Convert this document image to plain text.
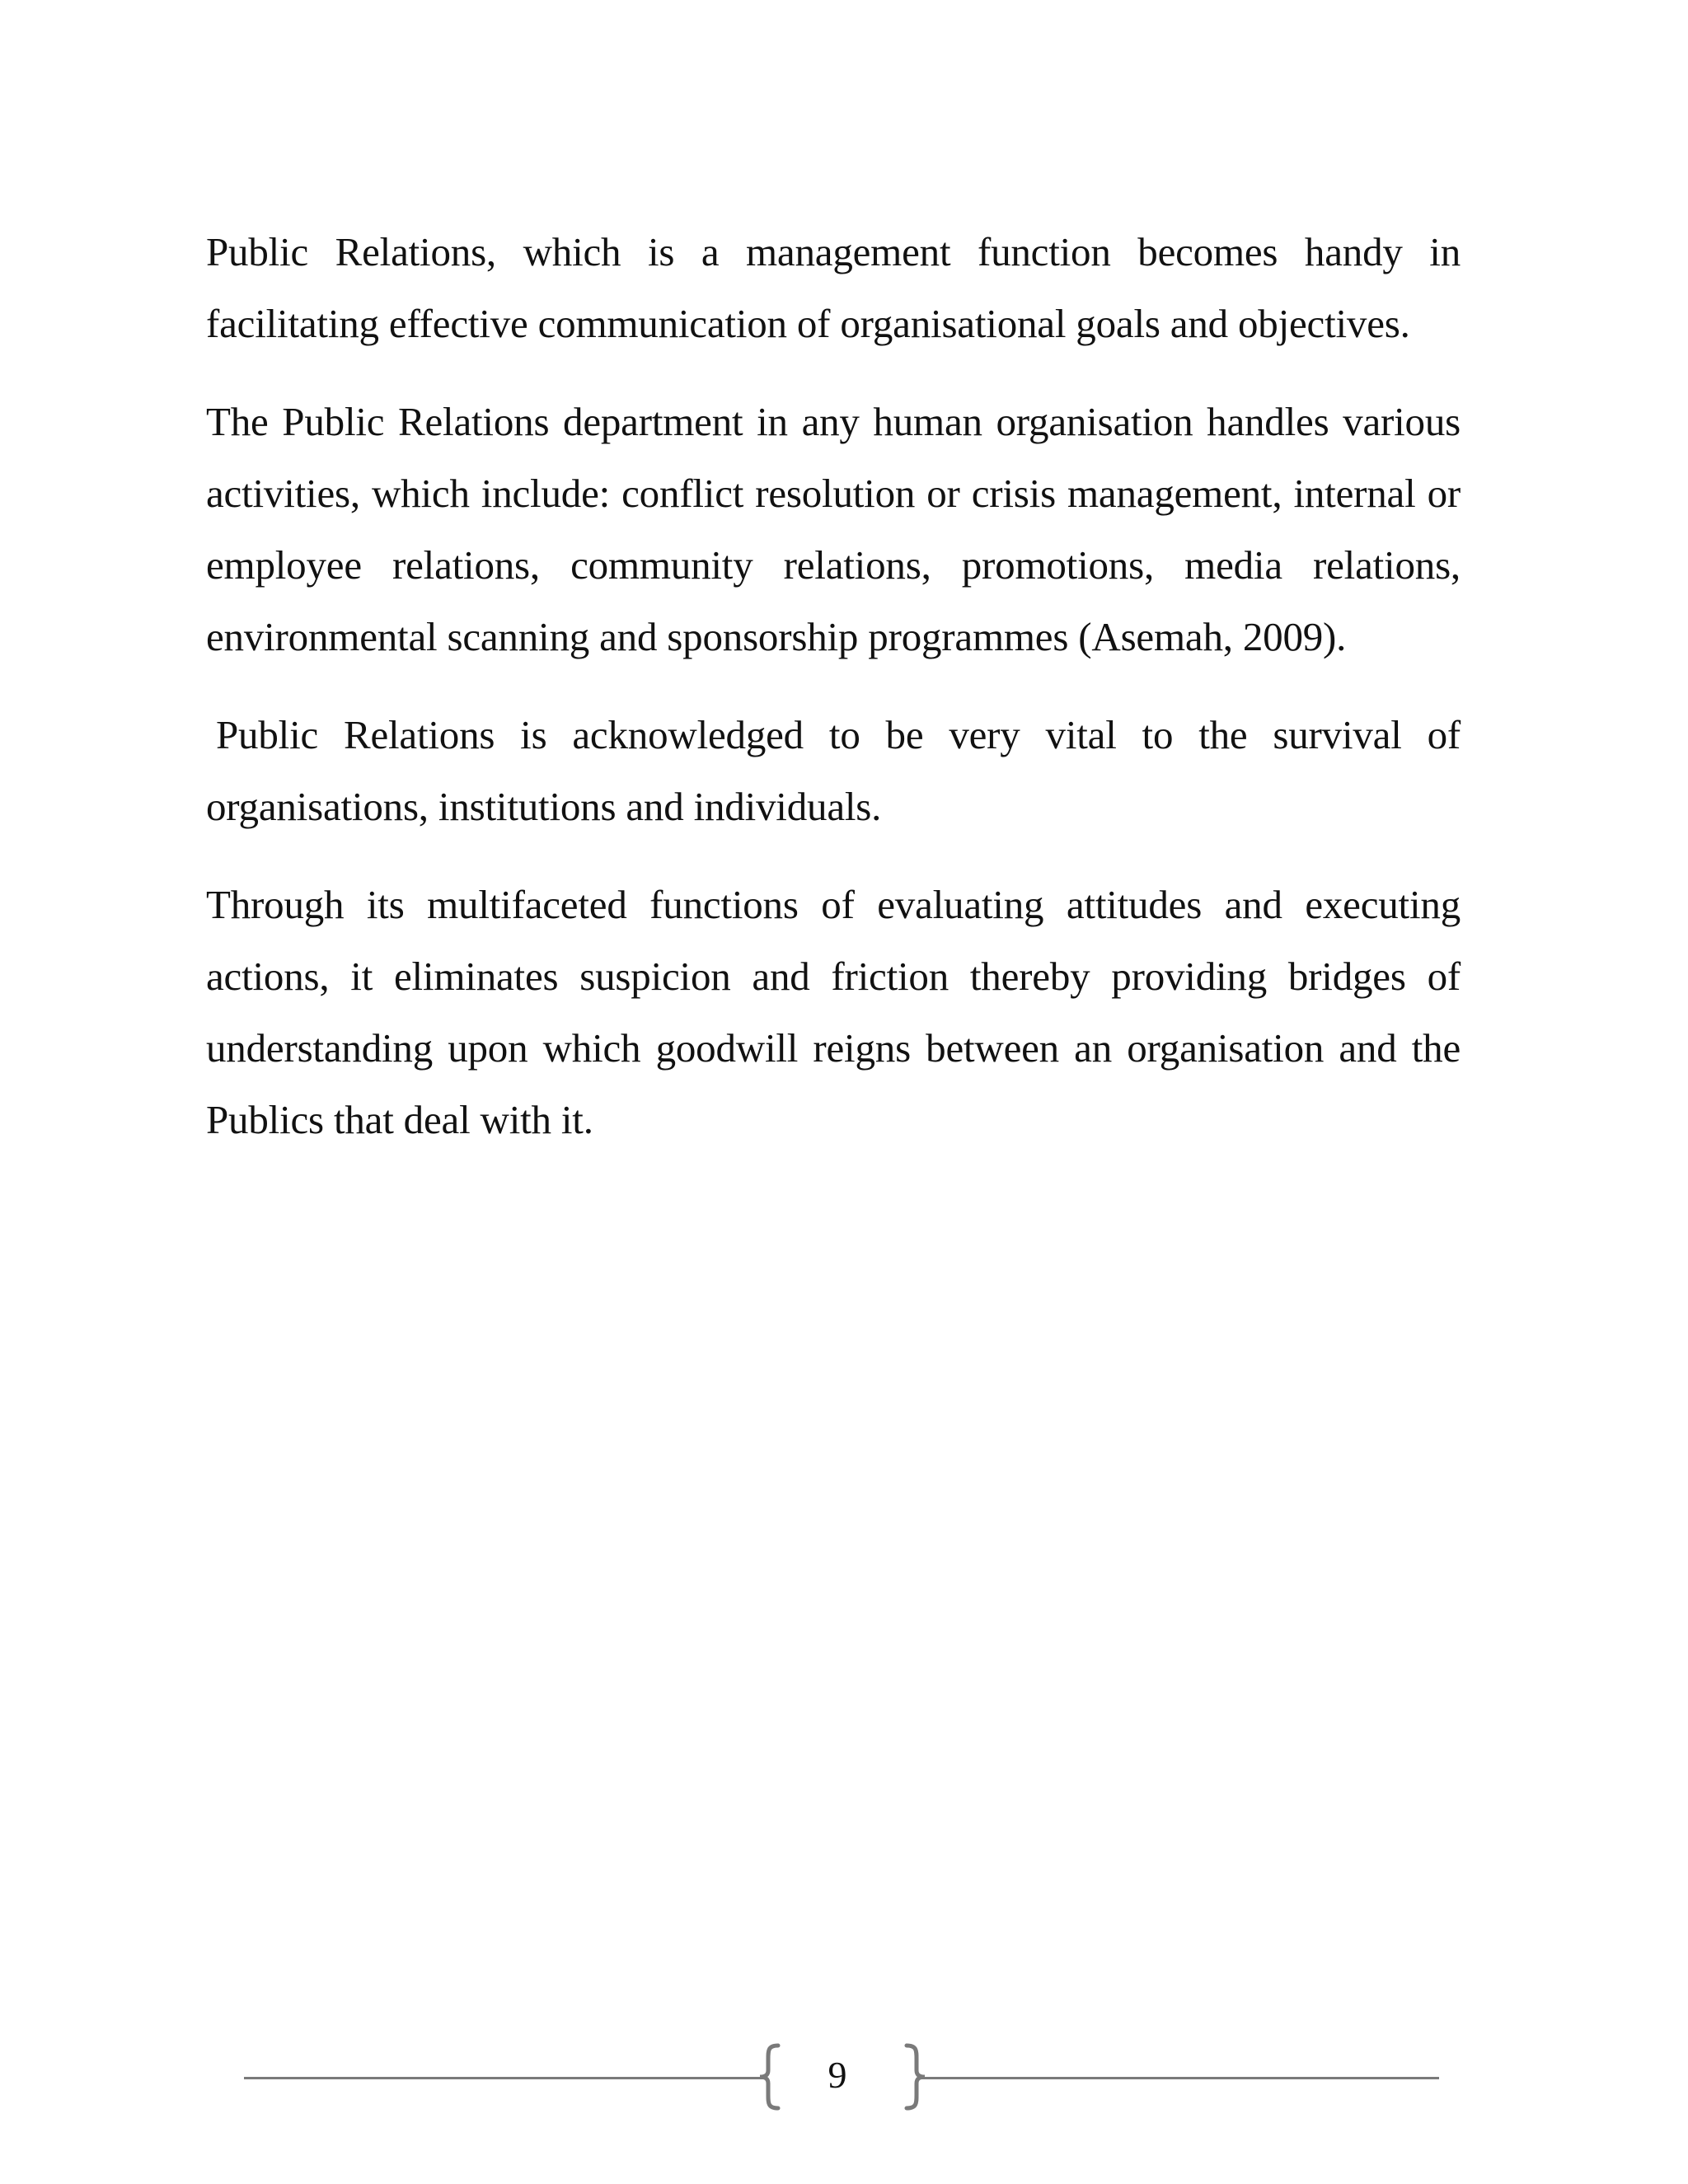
Public Relations, which is a management function becomes handy in facilitating effective communication of organisational goals and objectives.

The Public Relations department in any human organisation handles various activities, which include: conflict resolution or crisis management, internal or employee relations, community relations, promotions, media relations, environmental scanning and sponsorship programmes (Asemah, 2009).

Public Relations is acknowledged to be very vital to the survival of organisations, institutions and individuals.

Through its multifaceted functions of evaluating attitudes and executing actions, it eliminates suspicion and friction thereby providing bridges of understanding upon which goodwill reigns between an organisation and the Publics that deal with it.

9
